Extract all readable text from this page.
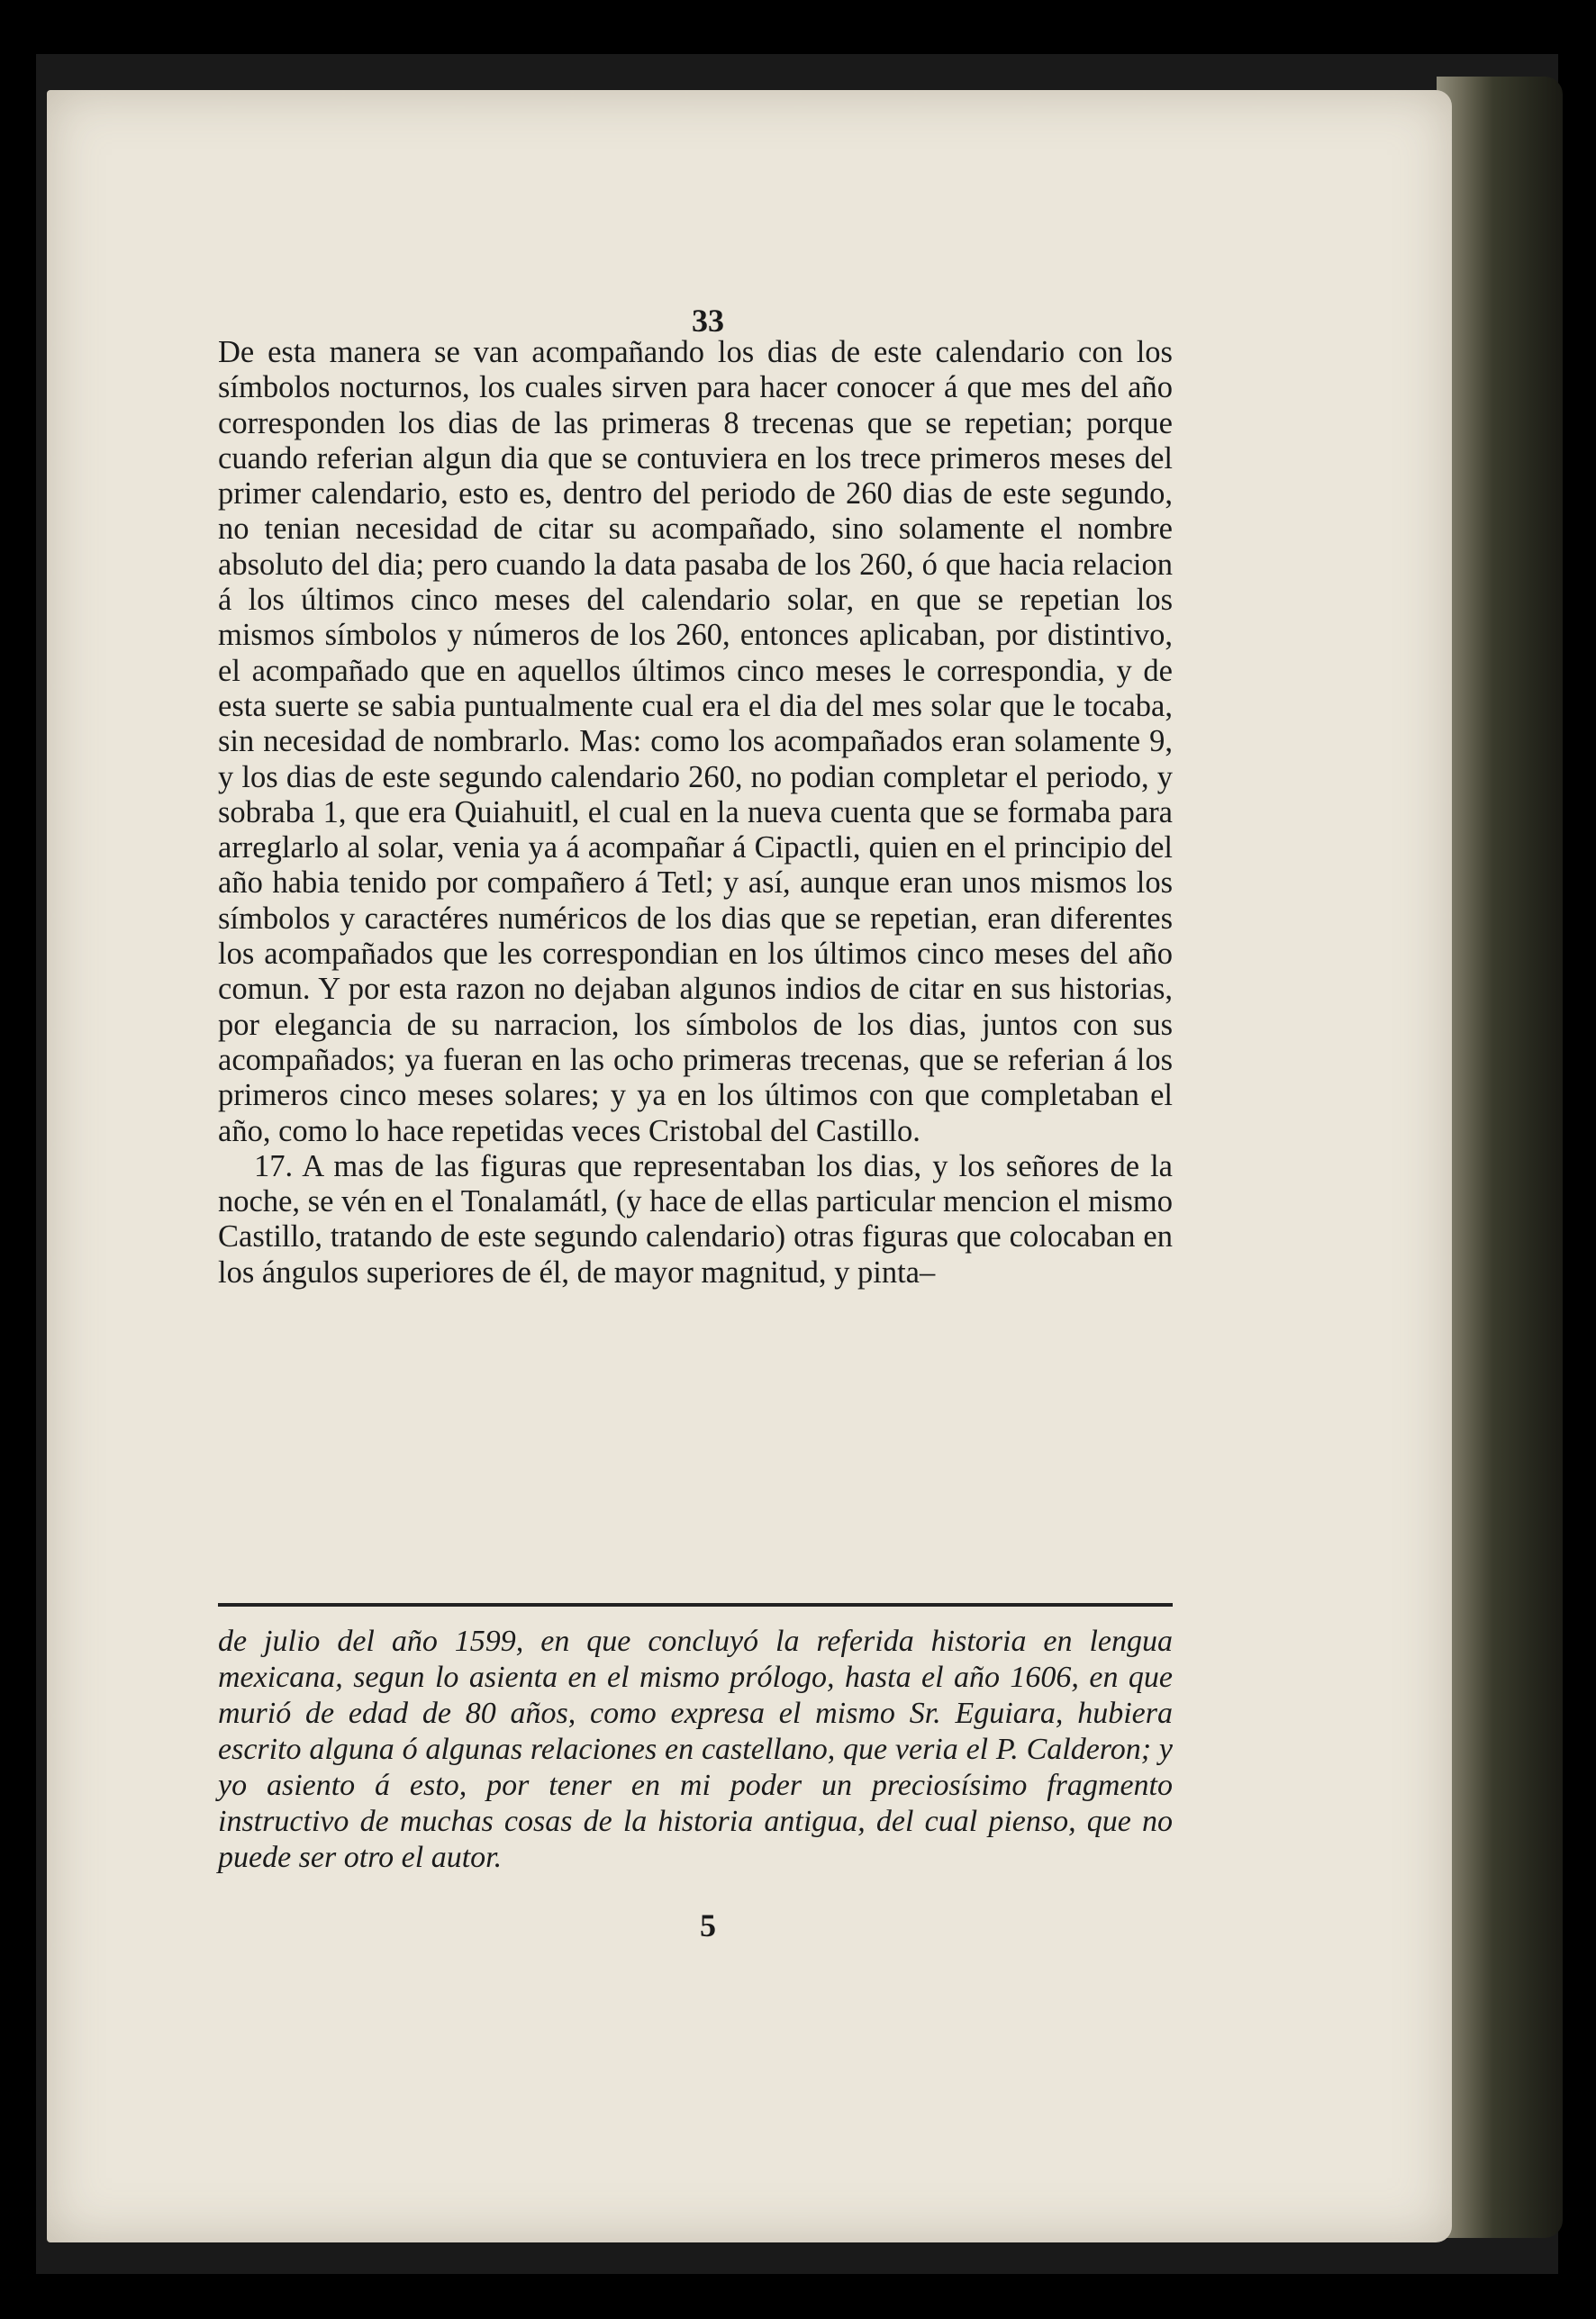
33

De esta manera se van acompañando los dias de este calendario con los símbolos nocturnos, los cuales sirven para hacer conocer á que mes del año corresponden los dias de las primeras 8 trecenas que se repetian; porque cuando referian algun dia que se contuviera en los trece primeros meses del primer calendario, esto es, dentro del periodo de 260 dias de este segundo, no tenian necesidad de citar su acompañado, sino solamente el nombre absoluto del dia; pero cuando la data pasaba de los 260, ó que hacia relacion á los últimos cinco meses del calendario solar, en que se repetian los mismos símbolos y números de los 260, entonces aplicaban, por distintivo, el acompañado que en aquellos últimos cinco meses le correspondia, y de esta suerte se sabia puntualmente cual era el dia del mes solar que le tocaba, sin necesidad de nombrarlo. Mas: como los acompañados eran solamente 9, y los dias de este segundo calendario 260, no podian completar el periodo, y sobraba 1, que era Quiahuitl, el cual en la nueva cuenta que se formaba para arreglarlo al solar, venia ya á acompañar á Cipactli, quien en el principio del año habia tenido por compañero á Tetl; y así, aunque eran unos mismos los símbolos y caractéres numéricos de los dias que se repetian, eran diferentes los acompañados que les correspondian en los últimos cinco meses del año comun. Y por esta razon no dejaban algunos indios de citar en sus historias, por elegancia de su narracion, los símbolos de los dias, juntos con sus acompañados; ya fueran en las ocho primeras trecenas, que se referian á los primeros cinco meses solares; y ya en los últimos con que completaban el año, como lo hace repetidas veces Cristobal del Castillo.

17. A mas de las figuras que representaban los dias, y los señores de la noche, se vén en el Tonalamátl, (y hace de ellas particular mencion el mismo Castillo, tratando de este segundo calendario) otras figuras que colocaban en los ángulos superiores de él, de mayor magnitud, y pinta–

de julio del año 1599, en que concluyó la referida historia en lengua mexicana, segun lo asienta en el mismo prólogo, hasta el año 1606, en que murió de edad de 80 años, como expresa el mismo Sr. Eguiara, hubiera escrito alguna ó algunas relaciones en castellano, que veria el P. Calderon; y yo asiento á esto, por tener en mi poder un preciosísimo fragmento instructivo de muchas cosas de la historia antigua, del cual pienso, que no puede ser otro el autor.
5
